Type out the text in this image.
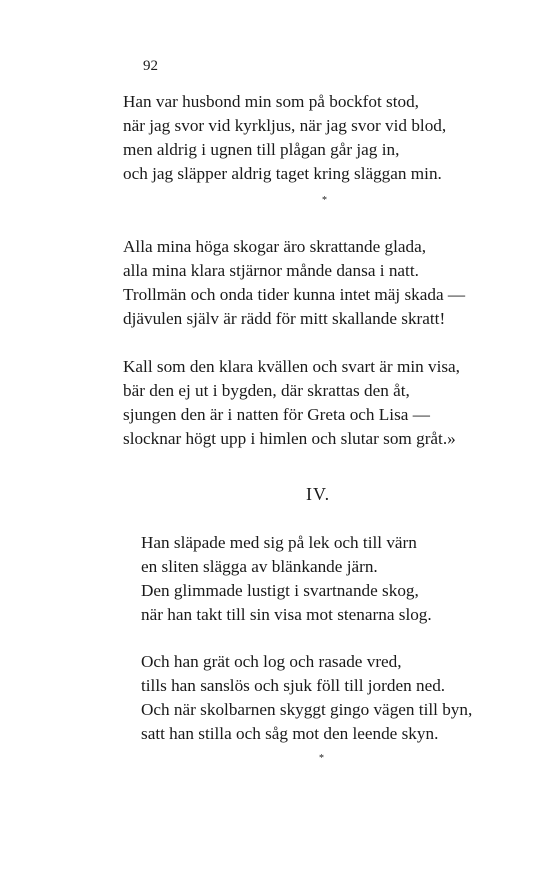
92
Han var husbond min som på bockfot stod,
när jag svor vid kyrkljus, när jag svor vid blod,
men aldrig i ugnen till plågan går jag in,
och jag släpper aldrig taget kring släggan min.
*
Alla mina höga skogar äro skrattande glada,
alla mina klara stjärnor månde dansa i natt.
Trollmän och onda tider kunna intet mäj skada —
djävulen själv är rädd för mitt skallande skratt!
Kall som den klara kvällen och svart är min visa,
bär den ej ut i bygden, där skrattas den åt,
sjungen den är i natten för Greta och Lisa —
slocknar högt upp i himlen och slutar som gråt.»
IV.
Han släpade med sig på lek och till värn
en sliten slägga av blänkande järn.
Den glimmade lustigt i svartnande skog,
när han takt till sin visa mot stenarna slog.
Och han grät och log och rasade vred,
tills han sanslös och sjuk föll till jorden ned.
Och när skolbarnen skyggt gingo vägen till byn,
satt han stilla och såg mot den leende skyn.
*
